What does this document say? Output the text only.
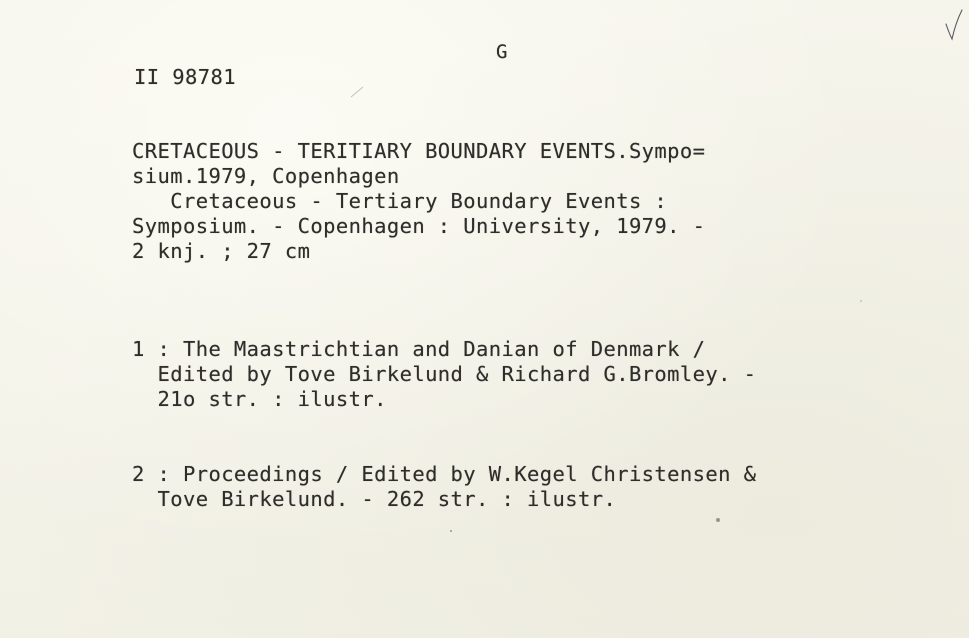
G
II 98781
CRETACEOUS - TERITIARY BOUNDARY EVENTS.Sympo=
sium.1979, Copenhagen
Cretaceous - Tertiary Boundary Events :
Symposium. - Copenhagen : University, 1979. -
2 knj. ; 27 cm

1 : The Maastrichtian and Danian of Denmark /
Edited by Tove Birkelund & Richard G.Bromley. -
21o str. : ilustr.

2 : Proceedings / Edited by W.Kegel Christensen &
Tove Birkelund. - 262 str. : ilustr.
